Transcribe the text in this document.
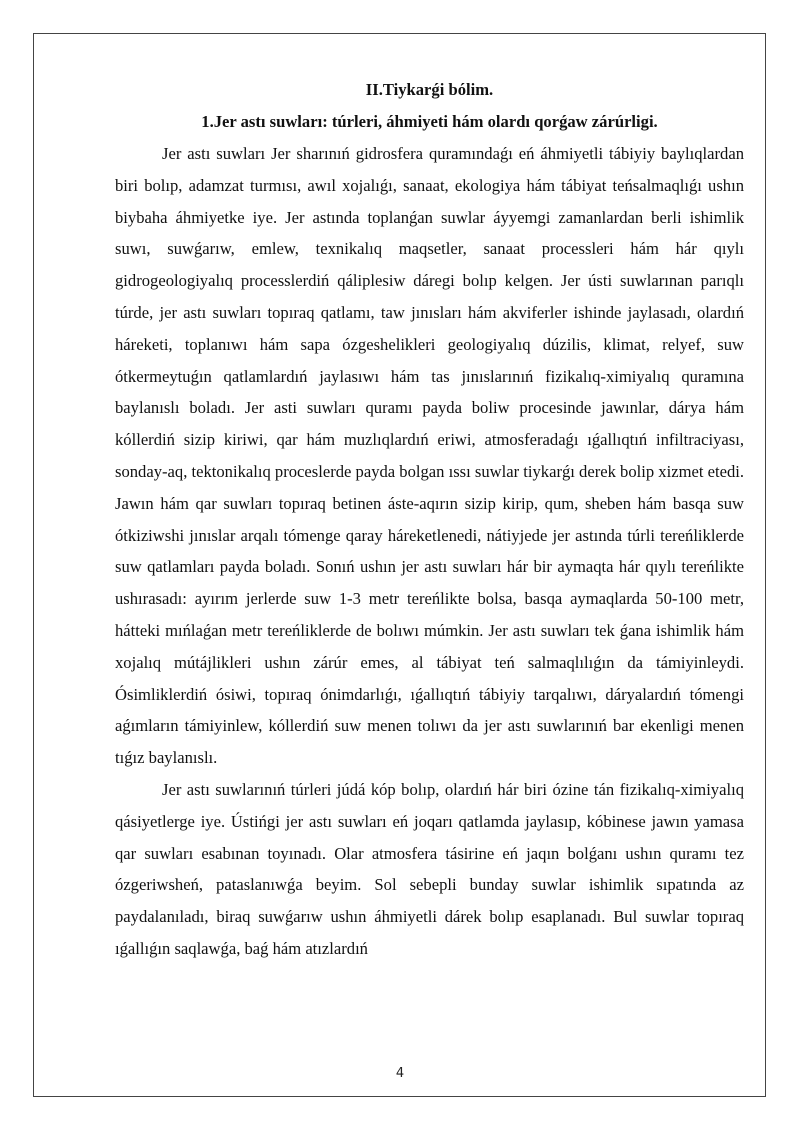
II.Tiykarǵi bólim.

1.Jer astı suwları: túrleri, áhmiyeti hám olardı qorǵaw zárúrligi.

Jer astı suwları Jer sharınıń gidrosfera quramındaǵı eń áhmiyetli tábiyiy baylıqlardan biri bolıp, adamzat turmısı, awıl xojalıǵı, sanaat, ekologiya hám tábiyat teńsalmaqlıǵı ushın biybaha áhmiyetke iye. Jer astında toplanǵan suwlar áyyemgi zamanlardan berli ishimlik suwı, suwǵarıw, emlew, texnikalıq maqsetler, sanaat processleri hám hár qıylı gidrogeologiyalıq processlerdiń qáliplesiw dáregi bolıp kelgen. Jer ústi suwlarınan parıqlı túrde, jer astı suwları topıraq qatlamı, taw jınısları hám akviferler ishinde jaylasadı, olardıń háreketi, toplanıwı hám sapa ózgeshelikleri geologiyalıq dúzilis, klimat, relyef, suw ótkermeytuǵın qatlamlardıń jaylasıwı hám tas jınıslarınıń fizikalıq-ximiyalıq quramına baylanıslı boladı. Jer asti suwları quramı payda boliw procesinde jawınlar, dárya hám kóllerdiń sizip kiriwi, qar hám muzlıqlardıń eriwi, atmosferadaǵı ıǵallıqtıń infiltraciyası, sonday-aq, tektonikalıq proceslerde payda bolgan ıssı suwlar tiykarǵı derek bolip xizmet etedi. Jawın hám qar suwları topıraq betinen áste-aqırın sizip kirip, qum, sheben hám basqa suw ótkiziwshi jınıslar arqalı tómenge qaray háreketlenedi, nátiyjede jer astında túrli tereńliklerde suw qatlamları payda boladı. Sonıń ushın jer astı suwları hár bir aymaqta hár qıylı tereńlikte ushırasadı: ayırım jerlerde suw 1-3 metr tereńlikte bolsa, basqa aymaqlarda 50-100 metr, hátteki mıńlaǵan metr tereńliklerde de bolıwı múmkin. Jer astı suwları tek ǵana ishimlik hám xojalıq mútájlikleri ushın zárúr emes, al tábiyat teń salmaqlılıǵın da támiyinleydi. Ósimliklerdiń ósiwi, topıraq ónimdarlıǵı, ıǵallıqtıń tábiyiy tarqalıwı, dáryalardıń tómengi aǵımların támiyinlew, kóllerdiń suw menen tolıwı da jer astı suwlarınıń bar ekenligi menen tıǵız baylanıslı.

Jer astı suwlarınıń túrleri júdá kóp bolıp, olardıń hár biri ózine tán fizikalıq-ximiyalıq qásiyetlerge iye. Ústińgi jer astı suwları eń joqarı qatlamda jaylasıp, kóbinese jawın yamasa qar suwları esabınan toyınadı. Olar atmosfera tásirine eń jaqın bolǵanı ushın quramı tez ózgeriwsheń, pataslanıwǵa beyim. Sol sebepli bunday suwlar ishimlik sıpatında az paydalanıladı, biraq suwǵarıw ushın áhmiyetli dárek bolıp esaplanadı. Bul suwlar topıraq ıǵallıǵın saqlawǵa, baǵ hám atızlardıń

4
